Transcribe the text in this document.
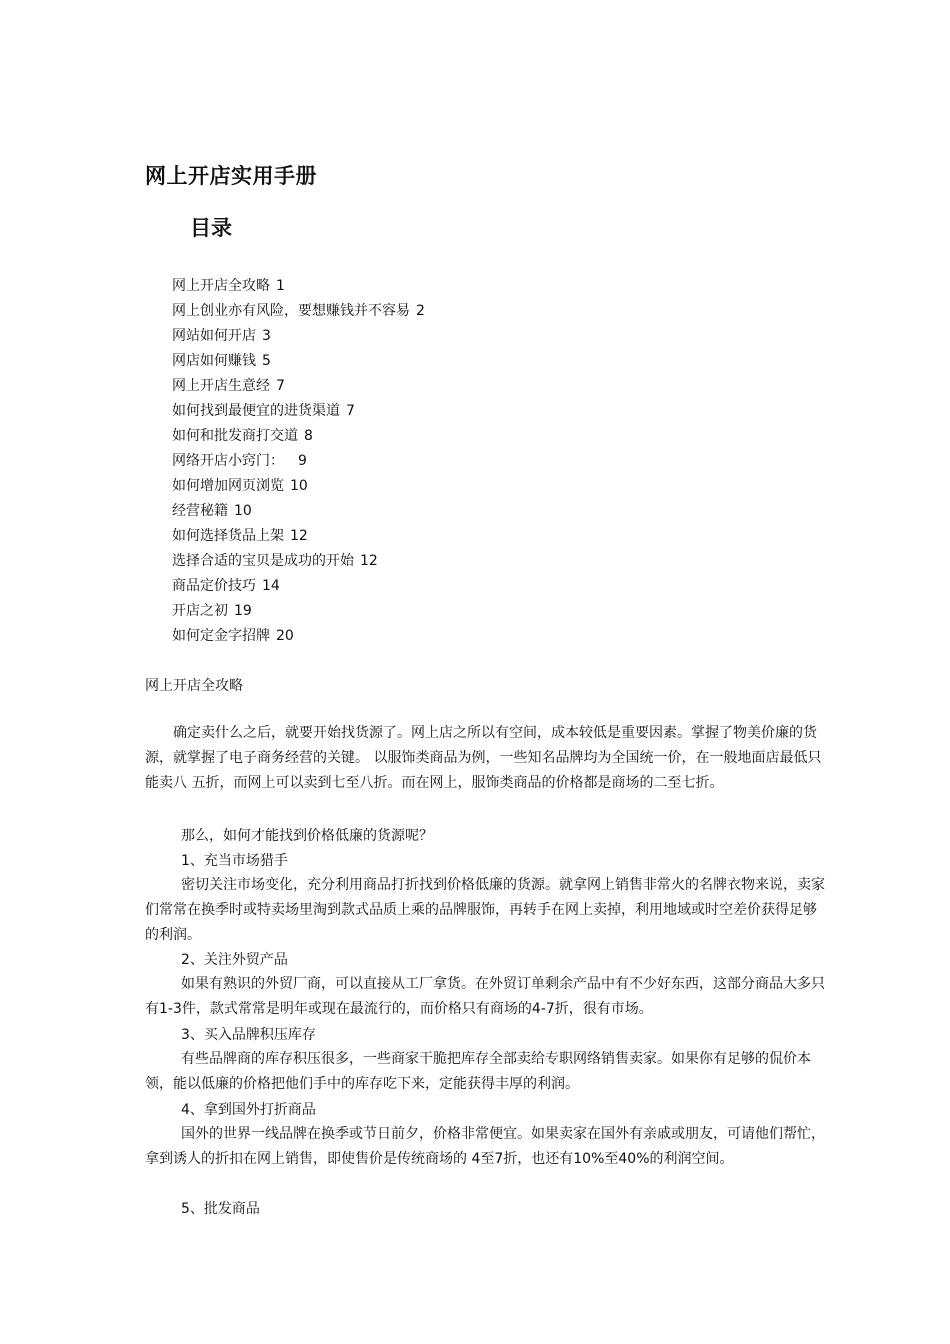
网上开店实用手册
目录
网上开店全攻略 1
网上创业亦有风险，要想赚钱并不容易 2
网站如何开店 3
网店如何赚钱 5
网上开店生意经 7
如何找到最便宜的进货渠道 7
如何和批发商打交道 8
网络开店小窍门： 9
如何增加网页浏览 10
经营秘籍 10
如何选择货品上架 12
选择合适的宝贝是成功的开始 12
商品定价技巧 14
开店之初 19
如何定金字招牌 20
网上开店全攻略

确定卖什么之后，就要开始找货源了。网上店之所以有空间，成本较低是重要因素。掌握了物美价廉的货源，就掌握了电子商务经营的关键。 以服饰类商品为例，一些知名品牌均为全国统一价，在一般地面店最低只能卖八 五折，而网上可以卖到七至八折。而在网上，服饰类商品的价格都是商场的二至七折。

那么，如何才能找到价格低廉的货源呢？
1、充当市场猎手

密切关注市场变化，充分利用商品打折找到价格低廉的货源。就拿网上销售非常火的名牌衣物来说，卖家们常常在换季时或特卖场里淘到款式品质上乘的品牌服饰，再转手在网上卖掉，利用地域或时空差价获得足够的利润。

2、关注外贸产品

如果有熟识的外贸厂商，可以直接从工厂拿货。在外贸订单剩余产品中有不少好东西，这部分商品大多只有1-3件，款式常常是明年或现在最流行的，而价格只有商场的4-7折，很有市场。

3、买入品牌积压库存

有些品牌商的库存积压很多，一些商家干脆把库存全部卖给专职网络销售卖家。如果你有足够的侃价本领，能以低廉的价格把他们手中的库存吃下来，定能获得丰厚的利润。

4、拿到国外打折商品

国外的世界一线品牌在换季或节日前夕，价格非常便宜。如果卖家在国外有亲戚或朋友，可请他们帮忙，拿到诱人的折扣在网上销售，即使售价是传统商场的 4至7折，也还有10%至40%的利润空间。

5、批发商品
